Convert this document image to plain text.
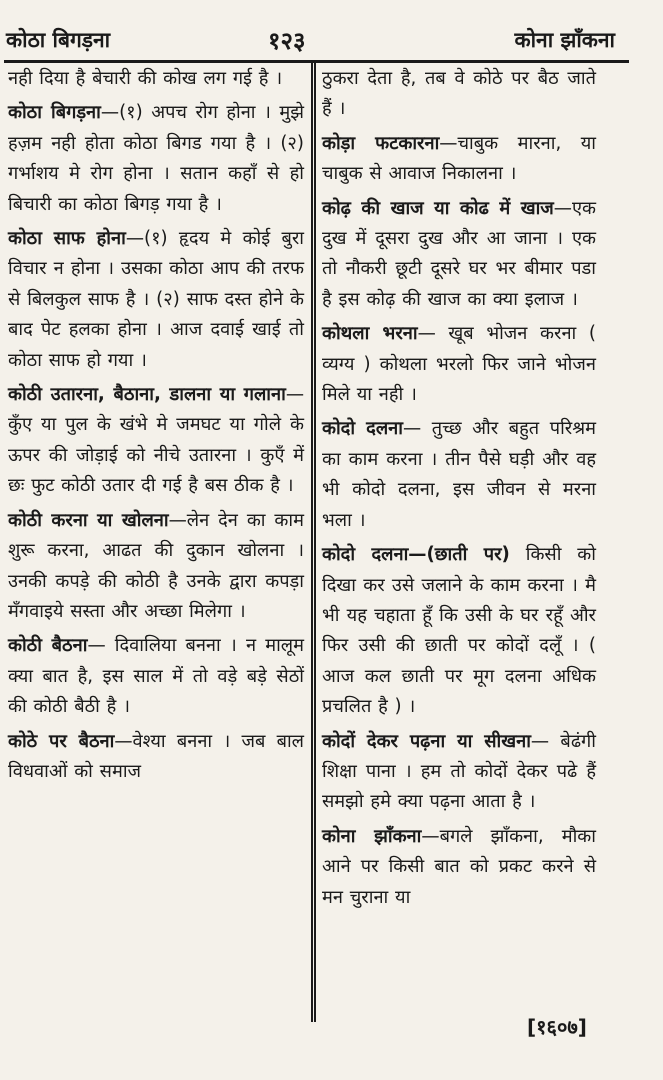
कोठा बिगड़ना	१२३	कोना झाँकना

नही दिया है बेचारी की कोख लग गई है ।

कोठा बिगड़ना—(१) अपच रोग होना । मुझे हज़म नही होता कोठा बिगड गया है । (२) गर्भाशय मे रोग होना । सतान कहाँ से हो बिचारी का कोठा बिगड़ गया है ।

कोठा साफ होना—(१) हृदय मे कोई बुरा विचार न होना । उसका कोठा आप की तरफ से बिलकुल साफ है । (२) साफ दस्त होने के बाद पेट हलका होना । आज दवाई खाई तो कोठा साफ हो गया ।

कोठी उतारना, बैठाना, डालना या गलाना—कुँए या पुल के खंभे मे जमघट या गोले के ऊपर की जोड़ाई को नीचे उतारना । कुएँ में छः फुट कोठी उतार दी गई है बस ठीक है ।

कोठी करना या खोलना—लेन देन का काम शुरू करना, आढत की दुकान खोलना । उनकी कपड़े की कोठी है उनके द्वारा कपड़ा मँगवाइये सस्ता और अच्छा मिलेगा ।

कोठी बैठना— दिवालिया बनना । न मालूम क्या बात है, इस साल में तो वड़े बड़े सेठों की कोठी बैठी है ।

कोठे पर बैठना—वेश्या बनना । जब बाल विधवाओं को समाज

ठुकरा देता है, तब वे कोठे पर बैठ जाते हैं ।

कोड़ा फटकारना—चाबुक मारना, या चाबुक से आवाज निकालना ।

कोढ़ की खाज या कोढ में खाज—एक दुख में दूसरा दुख और आ जाना । एक तो नौकरी छूटी दूसरे घर भर बीमार पडा है इस कोढ़ की खाज का क्या इलाज ।

कोथला भरना— खूब भोजन करना ( व्यग्य ) कोथला भरलो फिर जाने भोजन मिले या नही ।

कोदो दलना— तुच्छ और बहुत परिश्रम का काम करना । तीन पैसे घड़ी और वह भी कोदो दलना, इस जीवन से मरना भला ।

कोदो दलना—(छाती पर) किसी को दिखा कर उसे जलाने के काम करना । मै भी यह चहाता हूँ कि उसी के घर रहूँ और फिर उसी की छाती पर कोदों दलूँ । ( आज कल छाती पर मूग दलना अधिक प्रचलित है ) ।

कोदों देकर पढ़ना या सीखना— बेढंगी शिक्षा पाना । हम तो कोदों देकर पढे हैं समझो हमे क्या पढ़ना आता है ।

कोना झाँकना—बगले झाँकना, मौका आने पर किसी बात को प्रकट करने से मन चुराना या

[१६०७]
